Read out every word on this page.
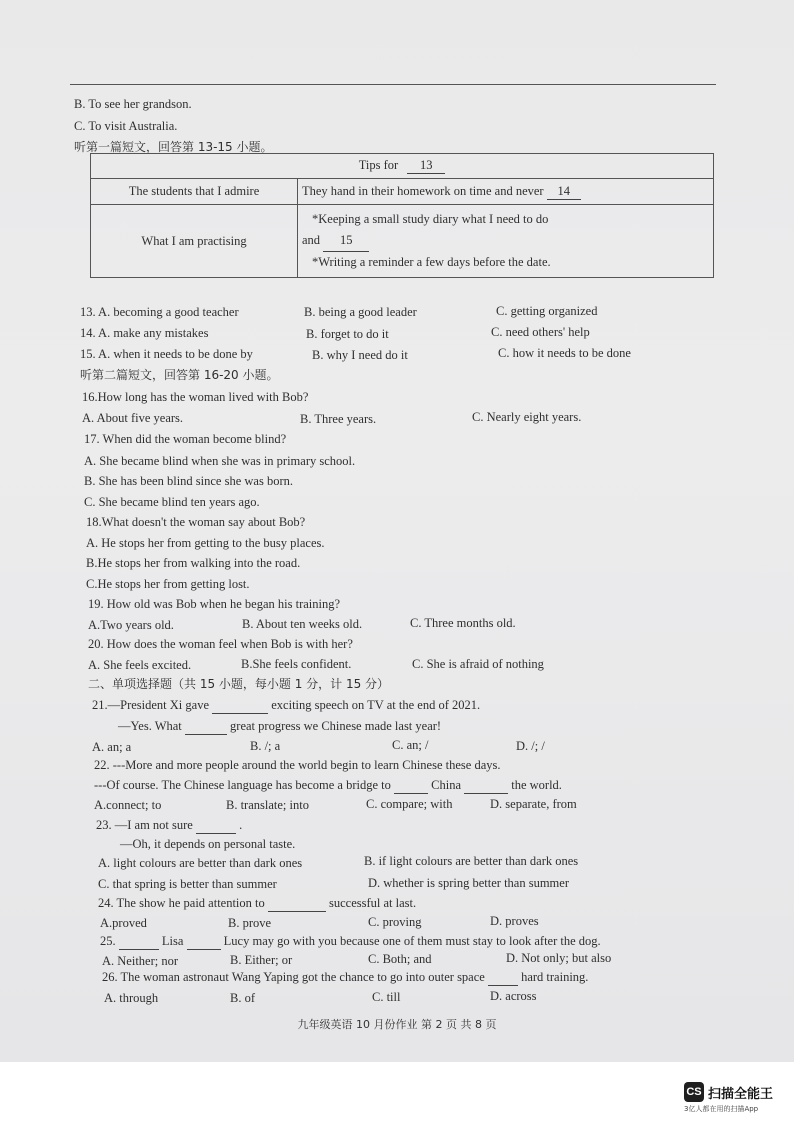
B. To see her grandson.
C. To visit Australia.
听第一篇短文，回答第 13-15 小题。
Tips for 13	
The students that I admire	They hand in their homework on time and never 14
What I am practising	*Keeping a small study diary what I need to do
and 15
*Writing a reminder a few days before the date.
13. A. becoming a good teacher	B. being a good leader	C. getting organized
14. A. make any mistakes	B. forget to do it	C. need others' help
15. A. when it needs to be done by	B. why I need do it	C. how it needs to be done
听第二篇短文，回答第 16-20 小题。
16.How long has the woman lived with Bob?
A. About five years.	B. Three years.	C. Nearly eight years.
17. When did the woman become blind?
A. She became blind when she was in primary school.
B. She has been blind since she was born.
C. She became blind ten years ago.
18.What doesn't the woman say about Bob?
A. He stops her from getting to the busy places.
B.He stops her from walking into the road.
C.He stops her from getting lost.
19. How old was Bob when he began his training?
A.Two years old.	B. About ten weeks old.	C. Three months old.
20. How does the woman feel when Bob is with her?
A. She feels excited.	B.She feels confident.	C. She is afraid of nothing
二、单项选择题（共 15 小题，每小题 1 分，计 15 分）
21.—President Xi gave	exciting speech on TV at the end of 2021.
—Yes. What	great progress we Chinese made last year!
A. an; a	B. /; a	C. an; /	D. /; /
22. ---More and more people around the world begin to learn Chinese these days.
---Of course. The Chinese language has become a bridge to	China	the world.
A.connect; to	B. translate; into	C. compare; with	D. separate, from
23. —I am not sure	.
—Oh, it depends on personal taste.
A. light colours are better than dark ones	B. if light colours are better than dark ones
C. that spring is better than summer	D. whether is spring better than summer
24. The show he paid attention to	successful at last.
A.proved	B. prove	C. proving	D. proves
25.	Lisa	Lucy may go with you because one of them must stay to look after the dog.
A. Neither; nor	B. Either; or	C. Both; and	D. Not only; but also
26. The woman astronaut Wang Yaping got the chance to go into outer space	hard training.
A. through	B. of	C. till	D. across
九年级英语 10 月份作业 第 2 页 共 8 页
CS 扫描全能王
3亿人都在用的扫描App
